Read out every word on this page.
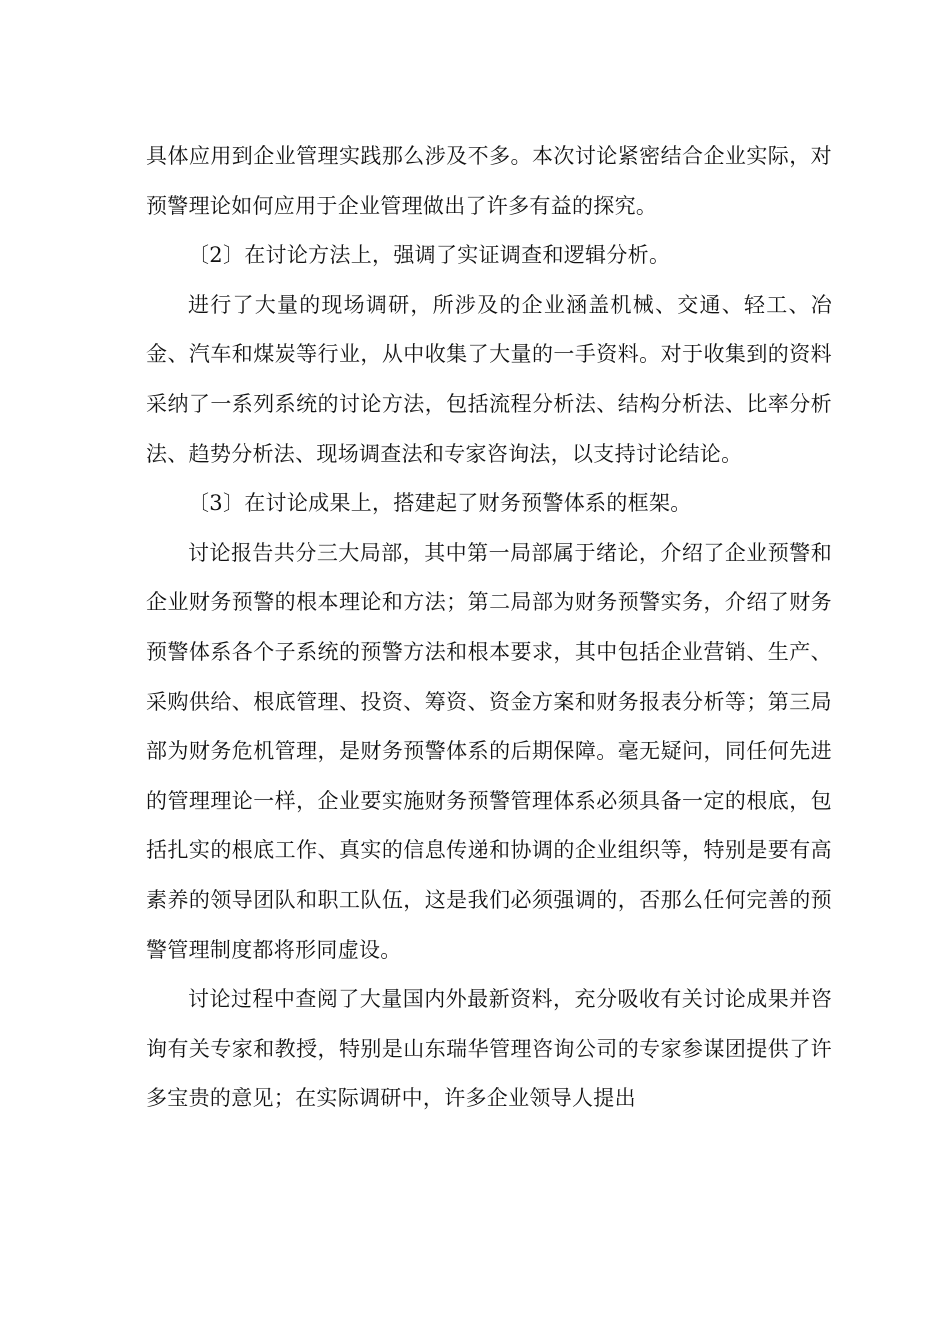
具体应用到企业管理实践那么涉及不多。本次讨论紧密结合企业实际，对预警理论如何应用于企业管理做出了许多有益的探究。

〔2〕在讨论方法上，强调了实证调查和逻辑分析。

进行了大量的现场调研，所涉及的企业涵盖机械、交通、轻工、冶金、汽车和煤炭等行业，从中收集了大量的一手资料。对于收集到的资料采纳了一系列系统的讨论方法，包括流程分析法、结构分析法、比率分析法、趋势分析法、现场调查法和专家咨询法，以支持讨论结论。

〔3〕在讨论成果上，搭建起了财务预警体系的框架。

讨论报告共分三大局部，其中第一局部属于绪论，介绍了企业预警和企业财务预警的根本理论和方法；第二局部为财务预警实务，介绍了财务预警体系各个子系统的预警方法和根本要求，其中包括企业营销、生产、采购供给、根底管理、投资、筹资、资金方案和财务报表分析等；第三局部为财务危机管理，是财务预警体系的后期保障。毫无疑问，同任何先进的管理理论一样，企业要实施财务预警管理体系必须具备一定的根底，包括扎实的根底工作、真实的信息传递和协调的企业组织等，特别是要有高素养的领导团队和职工队伍，这是我们必须强调的，否那么任何完善的预警管理制度都将形同虚设。

讨论过程中查阅了大量国内外最新资料，充分吸收有关讨论成果并咨询有关专家和教授，特别是山东瑞华管理咨询公司的专家参谋团提供了许多宝贵的意见；在实际调研中，许多企业领导人提出
